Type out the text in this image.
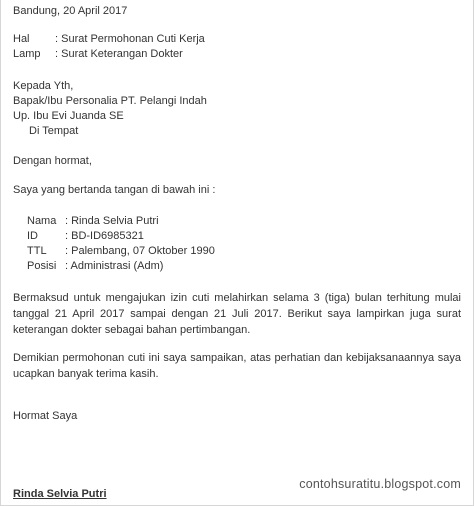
Bandung, 20 April 2017
Hal : Surat Permohonan Cuti Kerja
Lamp : Surat Keterangan Dokter
Kepada Yth,
Bapak/Ibu Personalia PT. Pelangi Indah
Up. Ibu Evi Juanda SE
Di Tempat
Dengan hormat,
Saya yang bertanda tangan di bawah ini :
Nama : Rinda Selvia Putri
ID : BD-ID6985321
TTL : Palembang, 07 Oktober 1990
Posisi : Administrasi (Adm)
Bermaksud untuk mengajukan izin cuti melahirkan selama 3 (tiga) bulan terhitung mulai tanggal 21 April 2017 sampai dengan 21 Juli 2017. Berikut saya lampirkan juga surat keterangan dokter sebagai bahan pertimbangan.
Demikian permohonan cuti ini saya sampaikan, atas perhatian dan kebijaksanaannya saya ucapkan banyak terima kasih.
Hormat Saya
Rinda Selvia Putri
contohsuratitu.blogspot.com
